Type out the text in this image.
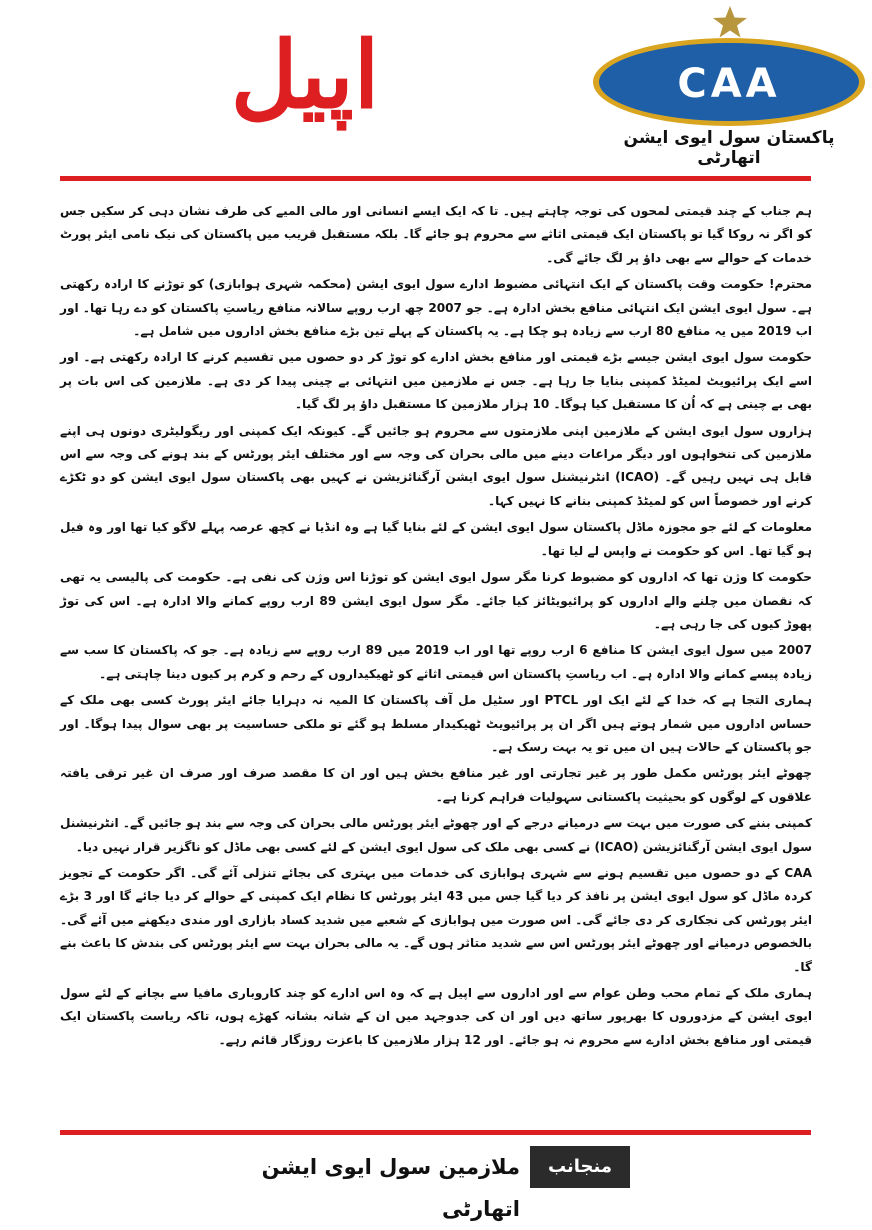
اپیل	CAA
پاکستان سول ایوی ایشن اتھارٹی

ہم جناب کے چند قیمتی لمحوں کی توجہ چاہتے ہیں۔ تا کہ ایک ایسے انسانی اور مالی المیے کی طرف نشان دہی کر سکیں جس کو اگر نہ روکا گیا تو پاکستان ایک قیمتی اثاثے سے محروم ہو جائے گا۔ بلکہ مستقبل قریب میں پاکستان کی نیک نامی ایئر پورٹ خدمات کے حوالے سے بھی داؤ پر لگ جائے گی۔

محترم! حکومت وقت پاکستان کے ایک انتہائی مضبوط ادارے سول ایوی ایشن (محکمہ شہری ہوابازی) کو توڑنے کا ارادہ رکھتی ہے۔ سول ایوی ایشن ایک انتہائی منافع بخش ادارہ ہے۔ جو 2007 چھ ارب روپے سالانہ منافع ریاستِ پاکستان کو دے رہا تھا۔ اور اب 2019 میں یہ منافع 80 ارب سے زیادہ ہو چکا ہے۔ یہ پاکستان کے پہلے تین بڑے منافع بخش اداروں میں شامل ہے۔

حکومت سول ایوی ایشن جیسے بڑے قیمتی اور منافع بخش ادارے کو توڑ کر دو حصوں میں تقسیم کرنے کا ارادہ رکھتی ہے۔ اور اسے ایک پرائیویٹ لمیٹڈ کمپنی بنایا جا رہا ہے۔ جس نے ملازمین میں انتہائی بے چینی پیدا کر دی ہے۔ ملازمین کی اس بات پر بھی بے چینی ہے کہ اُن کا مستقبل کیا ہوگا۔ 10 ہزار ملازمین کا مستقبل داؤ پر لگ گیا۔

ہزاروں سول ایوی ایشن کے ملازمین اپنی ملازمتوں سے محروم ہو جائیں گے۔ کیونکہ ایک کمپنی اور ریگولیٹری دونوں ہی اپنے ملازمین کی تنخواہوں اور دیگر مراعات دینے میں مالی بحران کی وجہ سے اور مختلف ایئر پورٹس کے بند ہونے کی وجہ سے اس قابل ہی نہیں رہیں گے۔ (ICAO) انٹرنیشنل سول ایوی ایشن آرگنائزیشن نے کہیں بھی پاکستان سول ایوی ایشن کو دو ٹکڑے کرنے اور خصوصاً اس کو لمیٹڈ کمپنی بنانے کا نہیں کہا۔

معلومات کے لئے جو مجوزہ ماڈل پاکستان سول ایوی ایشن کے لئے بنایا گیا ہے وہ انڈیا نے کچھ عرصہ پہلے لاگو کیا تھا اور وہ فیل ہو گیا تھا۔ اس کو حکومت نے واپس لے لیا تھا۔

حکومت کا وژن تھا کہ اداروں کو مضبوط کرنا مگر سول ایوی ایشن کو توڑنا اس وژن کی نفی ہے۔ حکومت کی پالیسی یہ تھی کہ نقصان میں چلنے والے اداروں کو پرائیویٹائز کیا جائے۔ مگر سول ایوی ایشن 89 ارب روپے کمانے والا ادارہ ہے۔ اس کی توڑ پھوڑ کیوں کی جا رہی ہے۔

2007 میں سول ایوی ایشن کا منافع 6 ارب روپے تھا اور اب 2019 میں 89 ارب روپے سے زیادہ ہے۔ جو کہ پاکستان کا سب سے زیادہ پیسے کمانے والا ادارہ ہے۔ اب ریاستِ پاکستان اس قیمتی اثاثے کو ٹھیکیداروں کے رحم و کرم پر کیوں دینا چاہتی ہے۔

ہماری التجا ہے کہ خدا کے لئے ایک اور PTCL اور سٹیل مل آف پاکستان کا المیہ نہ دہرایا جائے ایئر پورٹ کسی بھی ملک کے حساس اداروں میں شمار ہوتے ہیں اگر ان پر پرائیویٹ ٹھیکیدار مسلط ہو گئے تو ملکی حساسیت پر بھی سوال پیدا ہوگا۔ اور جو پاکستان کے حالات ہیں ان میں تو یہ بہت رسک ہے۔

چھوٹے ایئر پورٹس مکمل طور پر غیر تجارتی اور غیر منافع بخش ہیں اور ان کا مقصد صرف اور صرف ان غیر ترقی یافتہ علاقوں کے لوگوں کو بحیثیت پاکستانی سہولیات فراہم کرنا ہے۔

کمپنی بننے کی صورت میں بہت سے درمیانے درجے کے اور چھوٹے ایئر پورٹس مالی بحران کی وجہ سے بند ہو جائیں گے۔ انٹرنیشنل سول ایوی ایشن آرگنائزیشن (ICAO) نے کسی بھی ملک کی سول ایوی ایشن کے لئے کسی بھی ماڈل کو ناگزیر قرار نہیں دیا۔

CAA کے دو حصوں میں تقسیم ہونے سے شہری ہوابازی کی خدمات میں بہتری کی بجائے تنزلی آئے گی۔ اگر حکومت کے تجویز کردہ ماڈل کو سول ایوی ایشن پر نافذ کر دیا گیا جس میں 43 ایئر پورٹس کا نظام ایک کمپنی کے حوالے کر دیا جائے گا اور 3 بڑے ایئر پورٹس کی نجکاری کر دی جائے گی۔ اس صورت میں ہوابازی کے شعبے میں شدید کساد بازاری اور مندی دیکھنے میں آئے گی۔ بالخصوص درمیانے اور چھوٹے ایئر پورٹس اس سے شدید متاثر ہوں گے۔ یہ مالی بحران بہت سے ایئر پورٹس کی بندش کا باعث بنے گا۔

ہماری ملک کے تمام محب وطن عوام سے اور اداروں سے اپیل ہے کہ وہ اس ادارے کو چند کاروباری مافیا سے بچانے کے لئے سول ایوی ایشن کے مزدوروں کا بھرپور ساتھ دیں اور ان کی جدوجہد میں ان کے شانہ بشانہ کھڑے ہوں، تاکہ ریاست پاکستان ایک قیمتی اور منافع بخش ادارے سے محروم نہ ہو جائے۔ اور 12 ہزار ملازمین کا باعزت روزگار قائم رہے۔

منجانب
ملازمین سول ایوی ایشن اتھارٹی
